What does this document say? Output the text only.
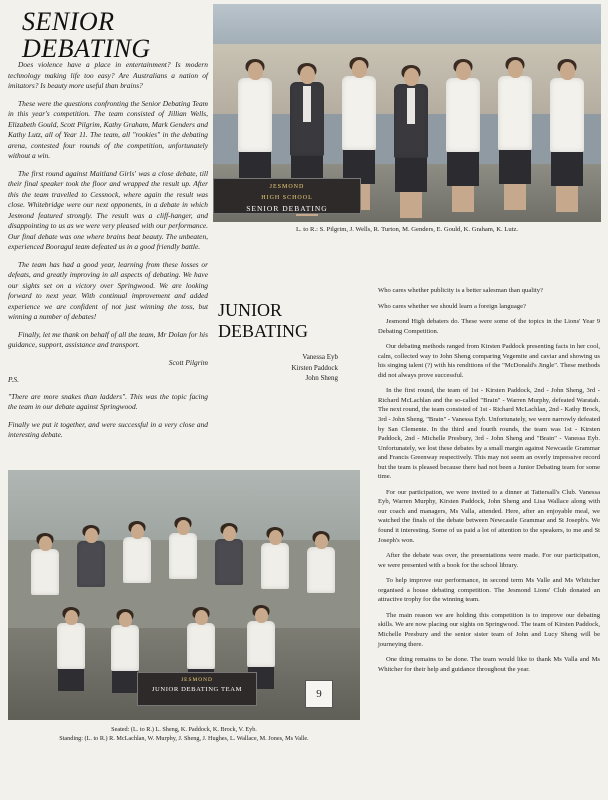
SENIOR
DEBATING

Does violence have a place in entertainment? Is modern technology making life too easy? Are Australians a nation of imitators? Is beauty more useful than brains?

These were the questions confronting the Senior Debating Team in this year's competition. The team consisted of Jillian Wells, Elizabeth Gould, Scott Pilgrim, Kathy Graham, Mark Genders and Kathy Lutz, all of Year 11. The team, all "rookies" in the debating arena, contested four rounds of the competition, unfortunately without a win.

The first round against Maitland Girls' was a close debate, till their final speaker took the floor and wrapped the result up. After this the team travelled to Cessnock, where again the result was close. Whitebridge were our next opponents, in a debate in which Jesmond featured strongly. The result was a cliff-hanger, and disappointing to us as we were very pleased with our performance. Our final debate was one where brains beat beauty. The unbeaten, experienced Booragul team defeated us in a good friendly battle.

The team has had a good year, learning from these losses or defeats, and greatly improving in all aspects of debating. We have our sights set on a victory over Springwood. We are looking forward to next year. With continual improvement and added experience we are confident of not just winning the toss, but winning a number of debates!

Finally, let me thank on behalf of all the team, Mr Dolan for his guidance, support, assistance and transport.

Scott Pilgrim
P.S.

"There are more snakes than ladders". This was the topic facing the team in our debate against Springwood.

Finally we put it together, and were successful in a very close and interesting debate.

JESMOND
HIGH SCHOOL
SENIOR DEBATING
L. to R.: S. Pilgrim, J. Wells, R. Turton, M. Genders, E. Gould, K. Graham, K. Lutz.
JUNIOR
DEBATING
Vanessa Eyb
Kirsten Paddock
John Sheng

Who cares whether publicity is a better salesman than quality?

Who cares whether we should learn a foreign language?

Jesmond High debaters do. These were some of the topics in the Lions' Year 9 Debating Competition.

Our debating methods ranged from Kirsten Paddock presenting facts in her cool, calm, collected way to John Sheng comparing Vegemite and caviar and showing us his singing talent (?) with his renditions of the "McDonald's Jingle". These methods did not always prove successful.

In the first round, the team of 1st - Kirsten Paddock, 2nd - John Sheng, 3rd - Richard McLachlan and the so-called "Brain" - Warren Murphy, defeated Waratah. The next round, the team consisted of 1st - Richard McLachlan, 2nd - Kathy Brock, 3rd - John Sheng, "Brain" - Vanessa Eyb. Unfortunately, we were narrowly defeated by San Clemente. In the third and fourth rounds, the team was 1st - Kirsten Paddock, 2nd - Michelle Presbury, 3rd - John Sheng and "Brain" - Vanessa Eyb. Unfortunately, we lost these debates by a small margin against Newcastle Grammar and Francis Greenway respectively. This may not seem an overly impressive record but the team is pleased because there had not been a Junior Debating team for some time.

For our participation, we were invited to a dinner at Tattersall's Club. Vanessa Eyb, Warren Murphy, Kirsten Paddock, John Sheng and Lisa Wallace along with our coach and managers, Ms Valla, attended. Here, after an enjoyable meal, we watched the finals of the debate between Newcastle Grammar and St Joseph's. We found it interesting. Some of us paid a lot of attention to the speakers, to me and St Joseph's won.

After the debate was over, the presentations were made. For our participation, we were presented with a book for the school library.

To help improve our performance, in second term Ms Valle and Ms Whitcher organised a house debating competition. The Jesmond Lions' Club donated an attractive trophy for the winning team.

The main reason we are holding this competition is to improve our debating skills. We are now placing our sights on Springwood. The team of Kirsten Paddock, Michelle Presbury and the senior sister team of John and Lucy Sheng will be journeying there.

One thing remains to be done. The team would like to thank Ms Valla and Ms Whitcher for their help and guidance throughout the year.

JESMOND
JUNIOR DEBATING TEAM
Seated: (L. to R.) L. Sheng, K. Paddock, K. Brock, V. Eyb.
Standing: (L. to R.) R. McLachlan, W. Murphy, J. Sheng, J. Hughes, L. Wallace, M. Jones, Ms Valle.
9
